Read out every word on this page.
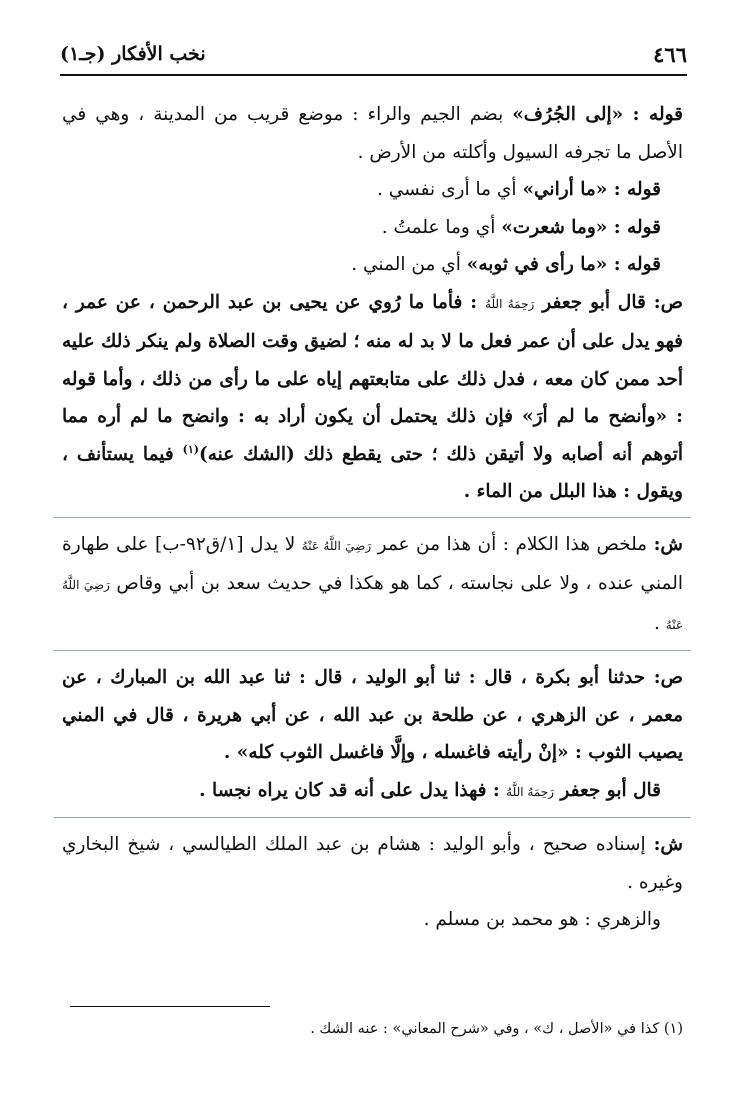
٤٦٦
نخب الأفكار (جـ١)

قوله : «إلى الجُرُف» بضم الجيم والراء : موضع قريب من المدينة ، وهي في الأصل ما تجرفه السيول وأكلته من الأرض .

قوله : «ما أراني» أي ما أرى نفسي .

قوله : «وما شعرت» أي وما علمتُ .

قوله : «ما رأى في ثوبه» أي من المني .

ص: قال أبو جعفر رَحِمَهُ اللَّهُ : فأما ما رُوي عن يحيى بن عبد الرحمن ، عن عمر ، فهو يدل على أن عمر فعل ما لا بد له منه ؛ لضيق وقت الصلاة ولم ينكر ذلك عليه أحد ممن كان معه ، فدل ذلك على متابعتهم إياه على ما رأى من ذلك ، وأما قوله : «وأنضح ما لم أرَ» فإن ذلك يحتمل أن يكون أراد به : وانضح ما لم أره مما أتوهم أنه أصابه ولا أتيقن ذلك ؛ حتى يقطع ذلك (الشك عنه)$^{(١)}$ فيما يستأنف ، ويقول : هذا البلل من الماء .

ش: ملخص هذا الكلام : أن هذا من عمر رَضِيَ اللَّهُ عَنْهُ لا يدل [١/ق٩٢-ب] على طهارة المني عنده ، ولا على نجاسته ، كما هو هكذا في حديث سعد بن أبي وقاص رَضِيَ اللَّهُ عَنْهُ .

ص: حدثنا أبو بكرة ، قال : ثنا أبو الوليد ، قال : ثنا عبد الله بن المبارك ، عن معمر ، عن الزهري ، عن طلحة بن عبد الله ، عن أبي هريرة ، قال في المني يصيب الثوب : «إنْ رأيته فاغسله ، وإلَّا فاغسل الثوب كله» .

قال أبو جعفر رَحِمَهُ اللَّهُ : فهذا يدل على أنه قد كان يراه نجسا .

ش: إسناده صحيح ، وأبو الوليد : هشام بن عبد الملك الطيالسي ، شيخ البخاري وغيره .

والزهري : هو محمد بن مسلم .

(١) كذا في «الأصل ، ك» ، وفي «شرح المعاني» : عنه الشك .
